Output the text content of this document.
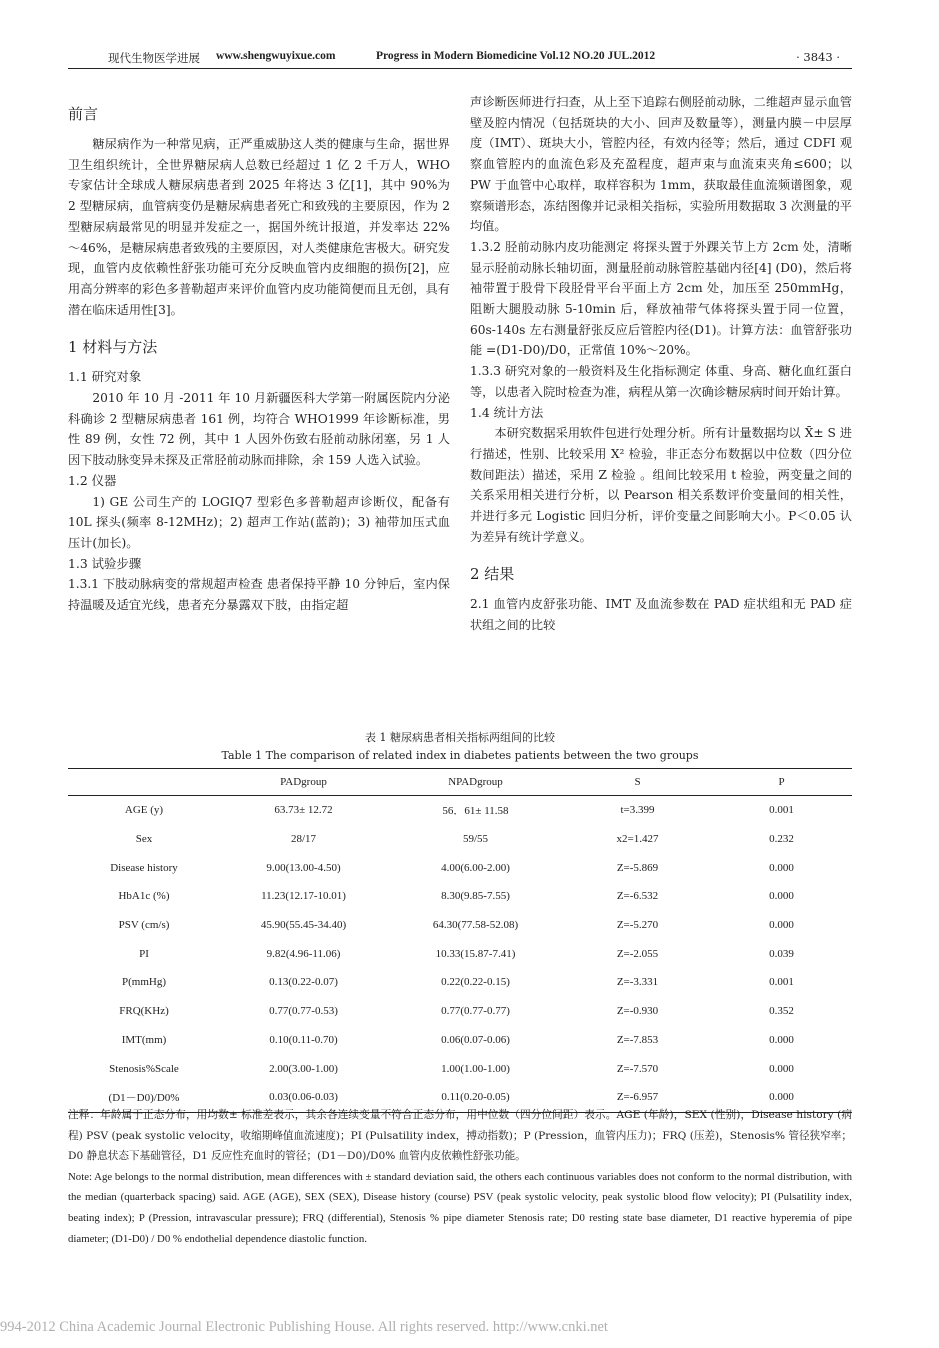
现代生物医学进展 www.shengwuyixue.com	Progress in Modern Biomedicine Vol.12 NO.20 JUL.2012	· 3843 ·

前言

糖尿病作为一种常见病，正严重威胁这人类的健康与生命，据世界卫生组织统计，全世界糖尿病人总数已经超过 1 亿 2 千万人，WHO 专家估计全球成人糖尿病患者到 2025 年将达 3 亿[1]，其中 90%为 2 型糖尿病，血管病变仍是糖尿病患者死亡和致残的主要原因，作为 2 型糖尿病最常见的明显并发症之一，据国外统计报道，并发率达 22%～46%，是糖尿病患者致残的主要原因，对人类健康危害极大。研究发现，血管内皮依赖性舒张功能可充分反映血管内皮细胞的损伤[2]，应用高分辨率的彩色多普勒超声来评价血管内皮功能简便而且无创，具有潜在临床适用性[3]。

1 材料与方法

1.1 研究对象

2010 年 10 月 -2011 年 10 月新疆医科大学第一附属医院内分泌科确诊 2 型糖尿病患者 161 例，均符合 WHO1999 年诊断标准，男性 89 例，女性 72 例，其中 1 人因外伤致右胫前动脉闭塞，另 1 人因下肢动脉变异未探及正常胫前动脉而排除，余 159 人选入试验。

1.2 仪器

1) GE 公司生产的 LOGIQ7 型彩色多普勒超声诊断仪，配备有 10L 探头(频率 8-12MHz)；2) 超声工作站(蓝韵)；3) 袖带加压式血压计(加长)。

1.3 试验步骤

1.3.1 下肢动脉病变的常规超声检查 患者保持平静 10 分钟后，室内保持温暖及适宜光线，患者充分暴露双下肢，由指定超

声诊断医师进行扫查，从上至下追踪右侧胫前动脉，二维超声显示血管壁及腔内情况（包括斑块的大小、回声及数量等），测量内膜－中层厚度（IMT）、斑块大小，管腔内径，有效内径等；然后，通过 CDFI 观察血管腔内的血流色彩及充盈程度，超声束与血流束夹角≤600；以 PW 于血管中心取样，取样容积为 1mm，获取最佳血流频谱图象，观察频谱形态，冻结图像并记录相关指标，实验所用数据取 3 次测量的平均值。

1.3.2 胫前动脉内皮功能测定 将探头置于外踝关节上方 2cm 处，清晰显示胫前动脉长轴切面，测量胫前动脉管腔基础内径[4] (D0)，然后将袖带置于股骨下段胫骨平台平面上方 2cm 处，加压至 250mmHg，阻断大腿股动脉 5-10min 后，释放袖带气体将探头置于同一位置，60s-140s 左右测量舒张反应后管腔内径(D1)。计算方法：血管舒张功能 =(D1-D0)/D0，正常值 10%～20%。

1.3.3 研究对象的一般资料及生化指标测定 体重、身高、糖化血红蛋白等，以患者入院时检查为准，病程从第一次确诊糖尿病时间开始计算。

1.4 统计方法

本研究数据采用软件包进行处理分析。所有计量数据均以 X̄± S 进行描述，性别、比较采用 X² 检验，非正态分布数据以中位数（四分位数间距法）描述，采用 Z 检验 。组间比较采用 t 检验，两变量之间的关系采用相关进行分析，以 Pearson 相关系数评价变量间的相关性，并进行多元 Logistic 回归分析，评价变量之间影响大小。P＜0.05 认为差异有统计学意义。

2 结果

2.1 血管内皮舒张功能、IMT 及血流参数在 PAD 症状组和无 PAD 症状组之间的比较

表 1 糖尿病患者相关指标两组间的比较
Table 1 The comparison of related index in diabetes patients between the two groups
	PADgroup	NPADgroup	S	P
AGE (y)	63.73± 12.72	56．61± 11.58	t=3.399	0.001
Sex	28/17	59/55	x2=1.427	0.232
Disease history	9.00(13.00-4.50)	4.00(6.00-2.00)	Z=-5.869	0.000
HbA1c (%)	11.23(12.17-10.01)	8.30(9.85-7.55)	Z=-6.532	0.000
PSV (cm/s)	45.90(55.45-34.40)	64.30(77.58-52.08)	Z=-5.270	0.000
PI	9.82(4.96-11.06)	10.33(15.87-7.41)	Z=-2.055	0.039
P(mmHg)	0.13(0.22-0.07)	0.22(0.22-0.15)	Z=-3.331	0.001
FRQ(KHz)	0.77(0.77-0.53)	0.77(0.77-0.77)	Z=-0.930	0.352
IMT(mm)	0.10(0.11-0.70)	0.06(0.07-0.06)	Z=-7.853	0.000
Stenosis%Scale	2.00(3.00-1.00)	1.00(1.00-1.00)	Z=-7.570	0.000
(D1－D0)/D0%	0.03(0.06-0.03)	0.11(0.20-0.05)	Z=-6.957	0.000

注释：年龄属于正态分布，用均数± 标准差表示，其余各连续变量不符合正态分布，用中位数（四分位间距）表示。AGE (年龄)，SEX (性别)，Disease history (病程) PSV (peak systolic velocity，收缩期峰值血流速度)；PI (Pulsatility index，搏动指数)；P (Pression，血管内压力)；FRQ (压差)，Stenosis% 管径狭窄率；D0 静息状态下基础管径，D1 反应性充血时的管径；(D1－D0)/D0% 血管内皮依赖性舒张功能。

Note: Age belongs to the normal distribution, mean differences with ± standard deviation said, the others each continuous variables does not conform to the normal distribution, with the median (quarterback spacing) said. AGE (AGE), SEX (SEX), Disease history (course) PSV (peak systolic velocity, peak systolic blood flow velocity); PI (Pulsatility index, beating index); P (Pression, intravascular pressure); FRQ (differential), Stenosis % pipe diameter Stenosis rate; D0 resting state base diameter, D1 reactive hyperemia of pipe diameter; (D1-D0) / D0 % endothelial dependence diastolic function.

994-2012 China Academic Journal Electronic Publishing House. All rights reserved. http://www.cnki.net
